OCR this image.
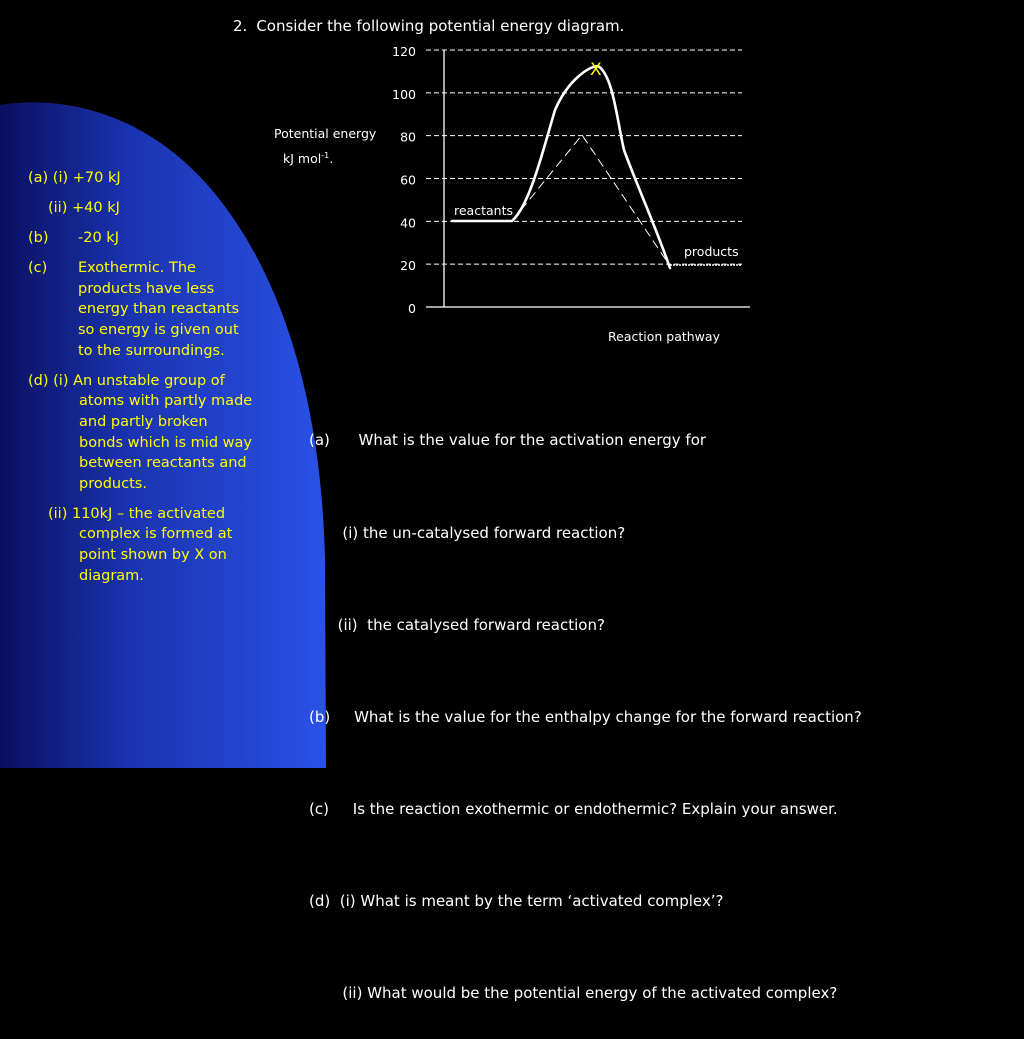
2. Consider the following potential energy diagram.
120
100
80
60
40
20
0
Potential energy
kJ mol$^{-1}$.
Reaction pathway
reactants
products
X
(a) (i) +70 kJ
(ii) +40 kJ
(b)	-20 kJ
(c)	Exothermic. The products have less energy than reactants so energy is given out to the surroundings.
(d) (i) An unstable group of atoms with partly made and partly broken bonds which is mid way between reactants and products.
(ii) 110kJ – the activated complex is formed at point shown by X on diagram.

(a)      What is the value for the activation energy for

(i) the un-catalysed forward reaction?

(ii)  the catalysed forward reaction?

(b)     What is the value for the enthalpy change for the forward reaction?

(c)     Is the reaction exothermic or endothermic? Explain your answer.

(d)  (i) What is meant by the term ‘activated complex’?

(ii) What would be the potential energy of the activated complex?
